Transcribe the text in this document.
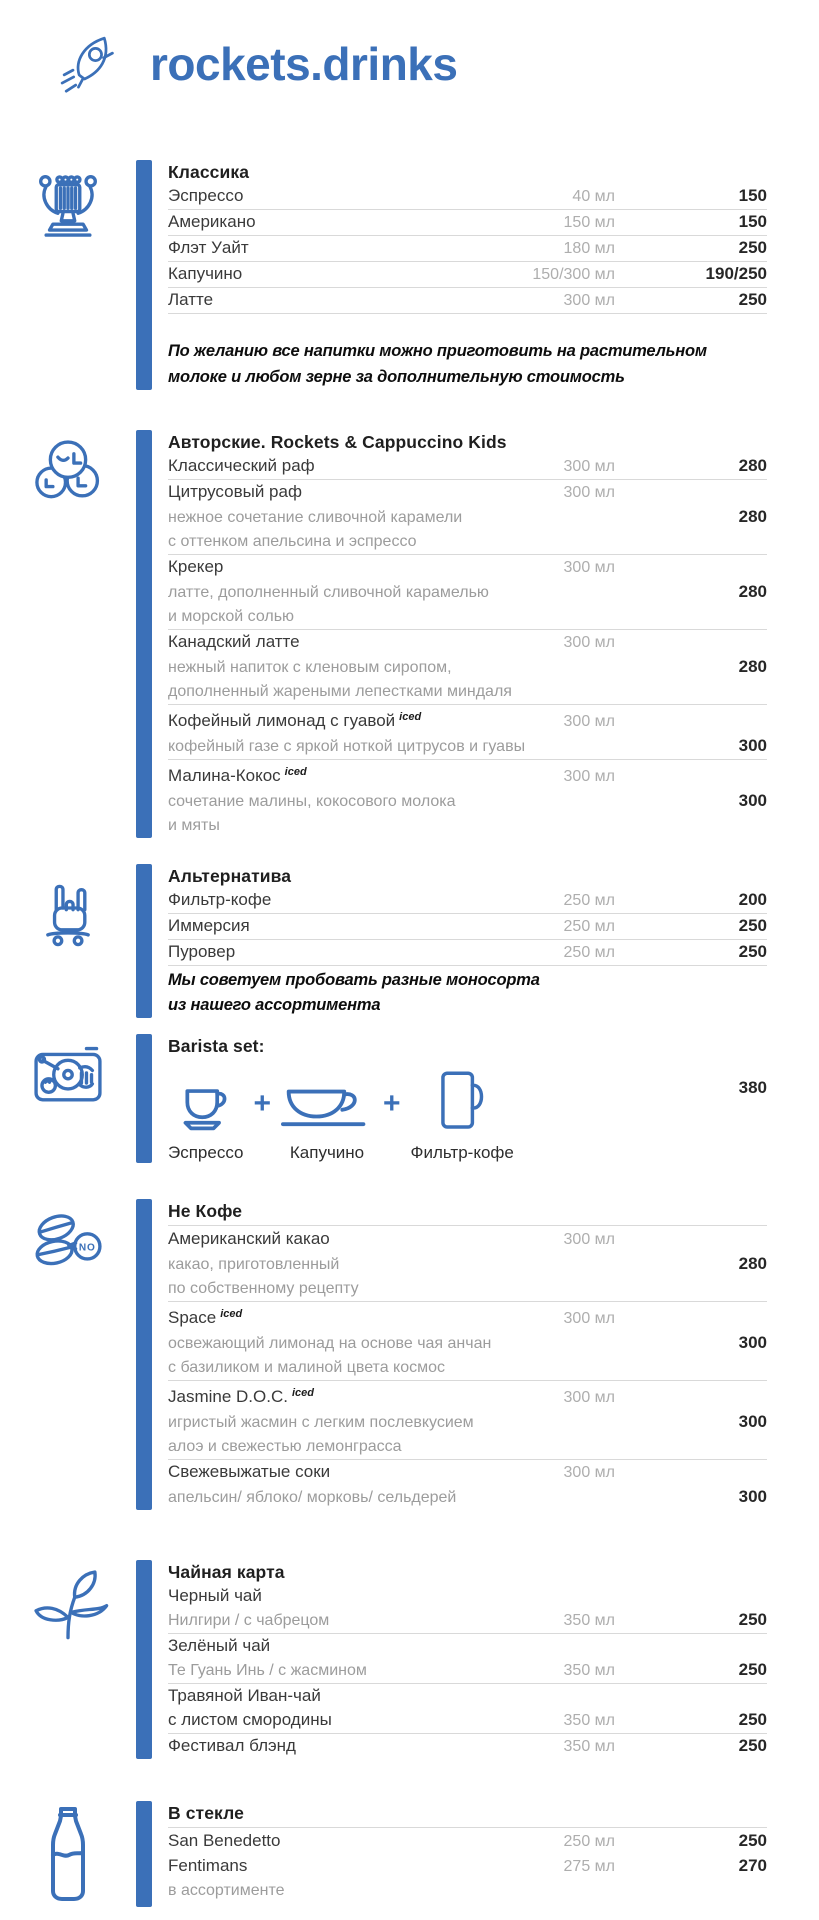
rockets.drinks
Классика
Эспрессо	40 мл	150
Американо	150 мл	150
Флэт Уайт	180 мл	250
Капучино	150/300 мл	190/250
Латте	300 мл	250
По желанию все напитки можно приготовить на растительном
молоке и любом зерне за дополнительную стоимость
Авторские. Rockets & Cappuccino Kids
Классический раф	300 мл	280
Цитрусовый раф	300 мл
нежное сочетание сливочной карамели	280
с оттенком апельсина и эспрессо
Крекер	300 мл
латте, дополненный сливочной карамелью	280
и морской солью
Канадский латте	300 мл
нежный напиток с кленовым сиропом,	280
дополненный жареными лепестками миндаля
Кофейный лимонад с гуавой $^{iced}$	300 мл
кофейный газе с яркой ноткой цитрусов и гуавы	300
Малина-Кокос $^{iced}$	300 мл
сочетание малины, кокосового молока	300
и мяты
Альтернатива
Фильтр-кофе	250 мл	200
Иммерсия	250 мл	250
Пуровер	250 мл	250
Мы советуем пробовать разные моносорта
из нашего ассортимента
Barista set:
Эспрессо
+
Капучино
+
Фильтр-кофе
380
NO
Не Кофе
Американский какао	300 мл
какао, приготовленный	280
по собственному рецепту
Space $^{iced}$	300 мл
освежающий лимонад на основе чая анчан	300
с базиликом и малиной цвета космос
Jasmine D.O.C. $^{iced}$	300 мл
игристый жасмин с легким послевкусием	300
алоэ и свежестью лемонграсса
Свежевыжатые соки	300 мл
апельсин/ яблоко/ морковь/ сельдерей	300
Чайная карта
Черный чай
Нилгири / с чабрецом	350 мл	250
Зелёный чай
Те Гуань Инь / с жасмином	350 мл	250
Травяной Иван-чай
с листом смородины	350 мл	250
Фестивал блэнд	350 мл	250
В стекле
San Benedetto	250 мл	250
Fentimans	275 мл	270
в ассортименте
